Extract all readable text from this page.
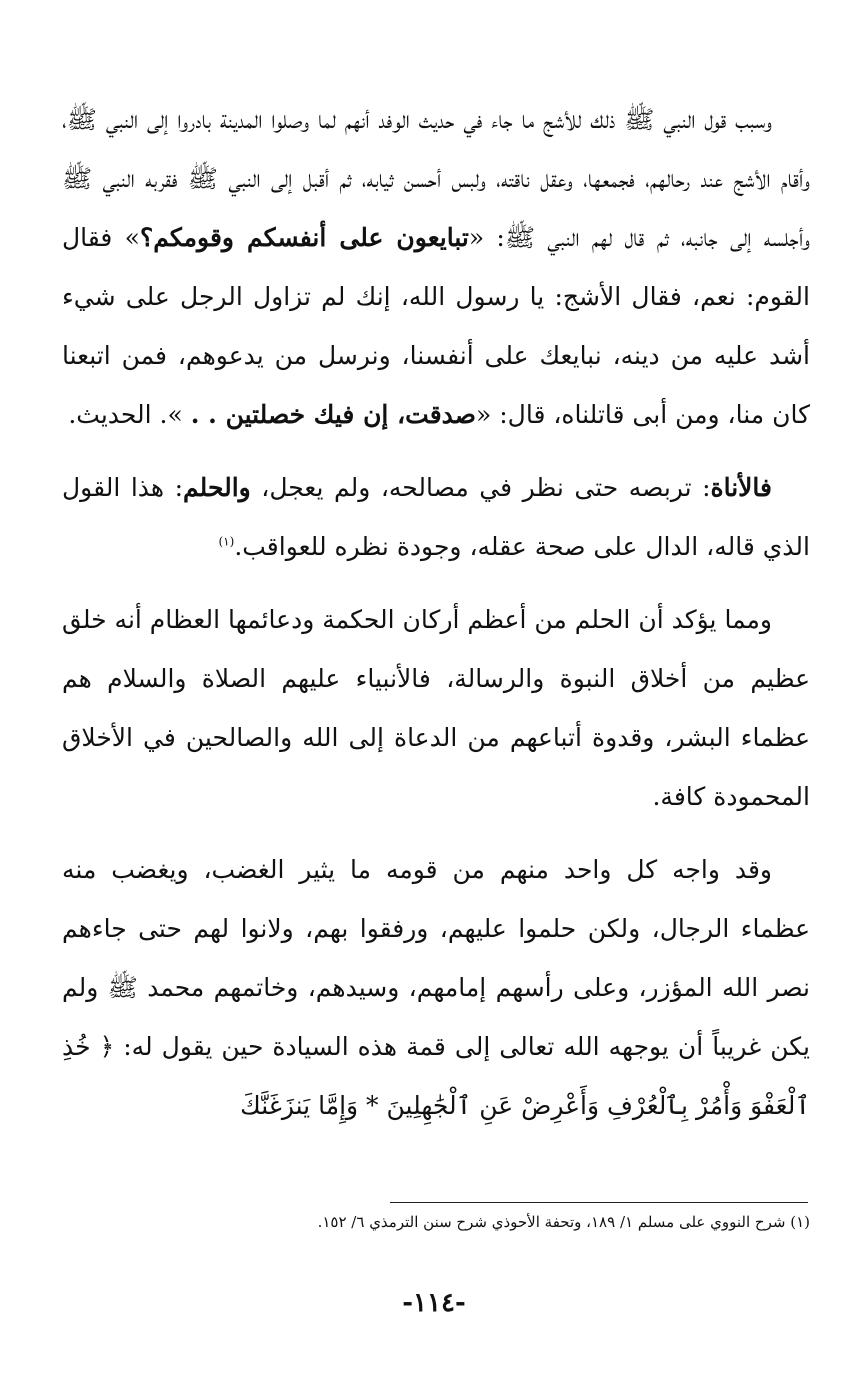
وسبب قول النبي ﷺ ذلك للأشج ما جاء في حديث الوفد أنهم لما وصلوا المدينة بادروا إلى النبي ﷺ، وأقام الأشج عند رحالهم، فجمعها، وعقل ناقته، ولبس أحسن ثيابه، ثم أقبل إلى النبي ﷺ فقربه النبي ﷺ وأجلسه إلى جانبه، ثم قال لهم النبي ﷺ: «تبايعون على أنفسكم وقومكم؟» فقال القوم: نعم، فقال الأشج: يا رسول الله، إنك لم تزاول الرجل على شيء أشد عليه من دينه، نبايعك على أنفسنا، ونرسل من يدعوهم، فمن اتبعنا كان منا، ومن أبى قاتلناه، قال: «صدقت، إن فيك خصلتين . . ». الحديث.

فالأناة: تربصه حتى نظر في مصالحه، ولم يعجل، والحلم: هذا القول الذي قاله، الدال على صحة عقله، وجودة نظره للعواقب.$^{(١)}$

ومما يؤكد أن الحلم من أعظم أركان الحكمة ودعائمها العظام أنه خلق عظيم من أخلاق النبوة والرسالة، فالأنبياء عليهم الصلاة والسلام هم عظماء البشر، وقدوة أتباعهم من الدعاة إلى الله والصالحين في الأخلاق المحمودة كافة.

وقد واجه كل واحد منهم من قومه ما يثير الغضب، ويغضب منه عظماء الرجال، ولكن حلموا عليهم، ورفقوا بهم، ولانوا لهم حتى جاءهم نصر الله المؤزر، وعلى رأسهم إمامهم، وسيدهم، وخاتمهم محمد ﷺ ولم يكن غريباً أن يوجهه الله تعالى إلى قمة هذه السيادة حين يقول له: ﴿ خُذِ ٱلْعَفْوَ وَأْمُرْ بِٱلْعُرْفِ وَأَعْرِضْ عَنِ ٱلْجَٰهِلِينَ * وَإِمَّا يَنزَغَنَّكَ

(١) شرح النووي على مسلم ١/ ١٨٩، وتحفة الأحوذي شرح سنن الترمذي ٦/ ١٥٢.
-١١٤-
